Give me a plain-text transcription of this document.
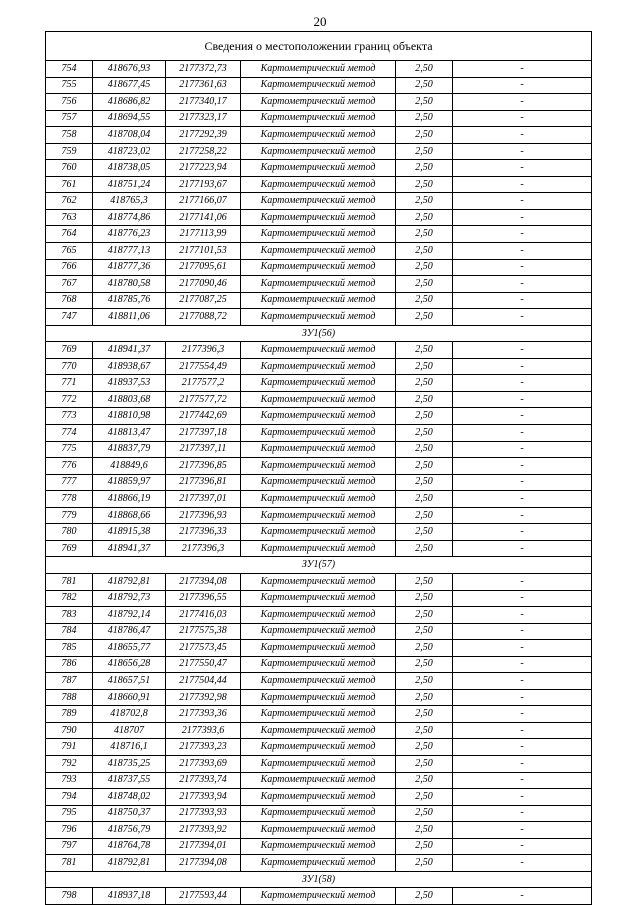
20
Сведения о местоположении границ объекта					
754	418676,93	2177372,73	Картометрический метод	2,50	-
755	418677,45	2177361,63	Картометрический метод	2,50	-
756	418686,82	2177340,17	Картометрический метод	2,50	-
757	418694,55	2177323,17	Картометрический метод	2,50	-
758	418708,04	2177292,39	Картометрический метод	2,50	-
759	418723,02	2177258,22	Картометрический метод	2,50	-
760	418738,05	2177223,94	Картометрический метод	2,50	-
761	418751,24	2177193,67	Картометрический метод	2,50	-
762	418765,3	2177166,07	Картометрический метод	2,50	-
763	418774,86	2177141,06	Картометрический метод	2,50	-
764	418776,23	2177113,99	Картометрический метод	2,50	-
765	418777,13	2177101,53	Картометрический метод	2,50	-
766	418777,36	2177095,61	Картометрический метод	2,50	-
767	418780,58	2177090,46	Картометрический метод	2,50	-
768	418785,76	2177087,25	Картометрический метод	2,50	-
747	418811,06	2177088,72	Картометрический метод	2,50	-
ЗУ1(56)					
769	418941,37	2177396,3	Картометрический метод	2,50	-
770	418938,67	2177554,49	Картометрический метод	2,50	-
771	418937,53	2177577,2	Картометрический метод	2,50	-
772	418803,68	2177577,72	Картометрический метод	2,50	-
773	418810,98	2177442,69	Картометрический метод	2,50	-
774	418813,47	2177397,18	Картометрический метод	2,50	-
775	418837,79	2177397,11	Картометрический метод	2,50	-
776	418849,6	2177396,85	Картометрический метод	2,50	-
777	418859,97	2177396,81	Картометрический метод	2,50	-
778	418866,19	2177397,01	Картометрический метод	2,50	-
779	418868,66	2177396,93	Картометрический метод	2,50	-
780	418915,38	2177396,33	Картометрический метод	2,50	-
769	418941,37	2177396,3	Картометрический метод	2,50	-
ЗУ1(57)					
781	418792,81	2177394,08	Картометрический метод	2,50	-
782	418792,73	2177396,55	Картометрический метод	2,50	-
783	418792,14	2177416,03	Картометрический метод	2,50	-
784	418786,47	2177575,38	Картометрический метод	2,50	-
785	418655,77	2177573,45	Картометрический метод	2,50	-
786	418656,28	2177550,47	Картометрический метод	2,50	-
787	418657,51	2177504,44	Картометрический метод	2,50	-
788	418660,91	2177392,98	Картометрический метод	2,50	-
789	418702,8	2177393,36	Картометрический метод	2,50	-
790	418707	2177393,6	Картометрический метод	2,50	-
791	418716,1	2177393,23	Картометрический метод	2,50	-
792	418735,25	2177393,69	Картометрический метод	2,50	-
793	418737,55	2177393,74	Картометрический метод	2,50	-
794	418748,02	2177393,94	Картометрический метод	2,50	-
795	418750,37	2177393,93	Картометрический метод	2,50	-
796	418756,79	2177393,92	Картометрический метод	2,50	-
797	418764,78	2177394,01	Картометрический метод	2,50	-
781	418792,81	2177394,08	Картометрический метод	2,50	-
ЗУ1(58)					
798	418937,18	2177593,44	Картометрический метод	2,50	-
